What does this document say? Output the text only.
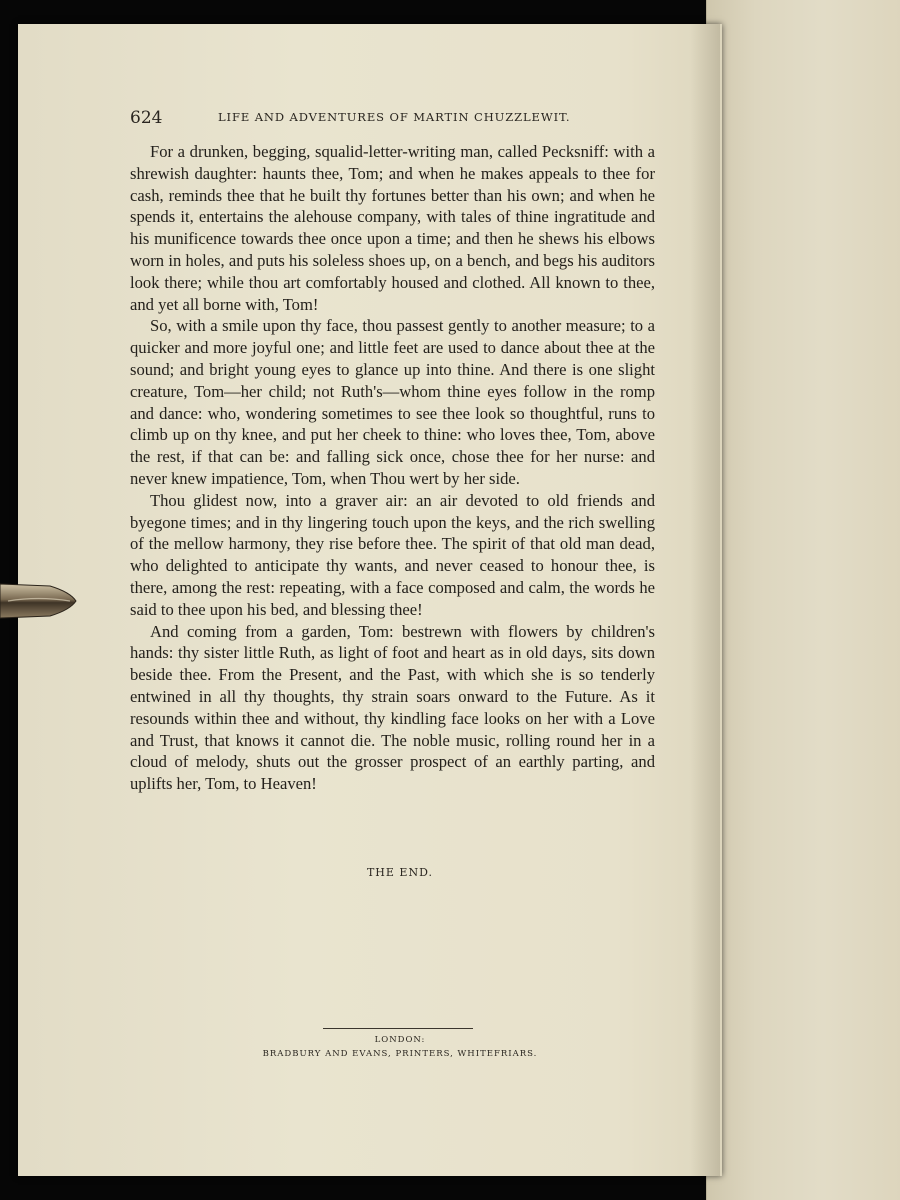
624	LIFE AND ADVENTURES OF MARTIN CHUZZLEWIT.

For a drunken, begging, squalid-letter-writing man, called Pecksniff: with a shrewish daughter: haunts thee, Tom; and when he makes appeals to thee for cash, reminds thee that he built thy fortunes better than his own; and when he spends it, entertains the alehouse company, with tales of thine ingratitude and his munificence towards thee once upon a time; and then he shews his elbows worn in holes, and puts his soleless shoes up, on a bench, and begs his auditors look there; while thou art comfortably housed and clothed. All known to thee, and yet all borne with, Tom!

So, with a smile upon thy face, thou passest gently to another measure; to a quicker and more joyful one; and little feet are used to dance about thee at the sound; and bright young eyes to glance up into thine. And there is one slight creature, Tom—her child; not Ruth's—whom thine eyes follow in the romp and dance: who, wondering sometimes to see thee look so thoughtful, runs to climb up on thy knee, and put her cheek to thine: who loves thee, Tom, above the rest, if that can be: and falling sick once, chose thee for her nurse: and never knew impatience, Tom, when Thou wert by her side.

Thou glidest now, into a graver air: an air devoted to old friends and byegone times; and in thy lingering touch upon the keys, and the rich swelling of the mellow harmony, they rise before thee. The spirit of that old man dead, who delighted to anticipate thy wants, and never ceased to honour thee, is there, among the rest: repeating, with a face composed and calm, the words he said to thee upon his bed, and blessing thee!

And coming from a garden, Tom: bestrewn with flowers by children's hands: thy sister little Ruth, as light of foot and heart as in old days, sits down beside thee. From the Present, and the Past, with which she is so tenderly entwined in all thy thoughts, thy strain soars onward to the Future. As it resounds within thee and without, thy kindling face looks on her with a Love and Trust, that knows it cannot die. The noble music, rolling round her in a cloud of melody, shuts out the grosser prospect of an earthly parting, and uplifts her, Tom, to Heaven!

THE END.
LONDON:
BRADBURY AND EVANS, PRINTERS, WHITEFRIARS.
